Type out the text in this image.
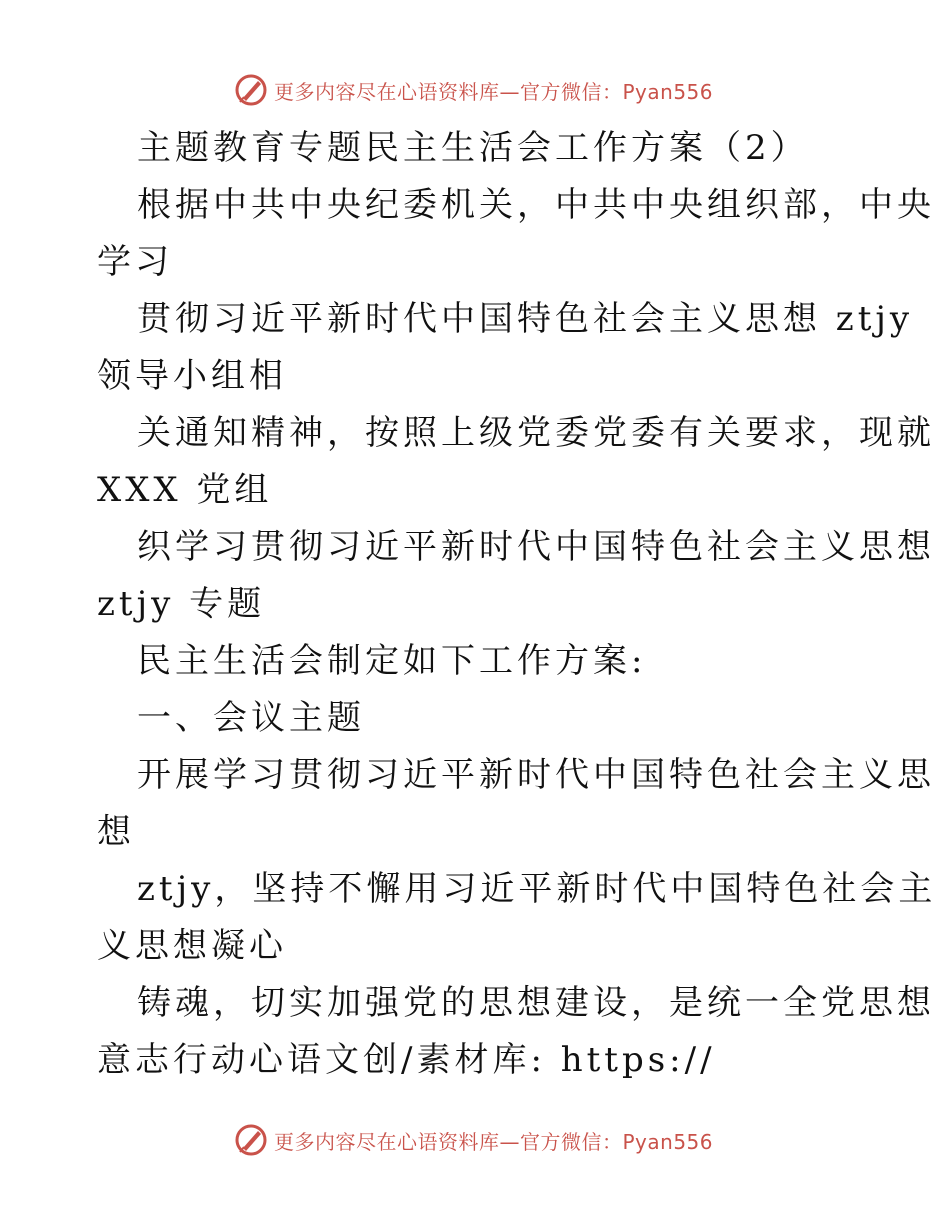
更多内容尽在心语资料库—官方微信：Pyan556
主题教育专题民主生活会工作方案（2）
根据中共中央纪委机关，中共中央组织部，中央
学习
贯彻习近平新时代中国特色社会主义思想 ztjy
领导小组相
关通知精神，按照上级党委党委有关要求，现就
XXX 党组
织学习贯彻习近平新时代中国特色社会主义思想
ztjy 专题
民主生活会制定如下工作方案:
一、会议主题
开展学习贯彻习近平新时代中国特色社会主义思
想
ztjy，坚持不懈用习近平新时代中国特色社会主
义思想凝心
铸魂，切实加强党的思想建设，是统一全党思想
意志行动心语文创/素材库: https://
更多内容尽在心语资料库—官方微信：Pyan556
